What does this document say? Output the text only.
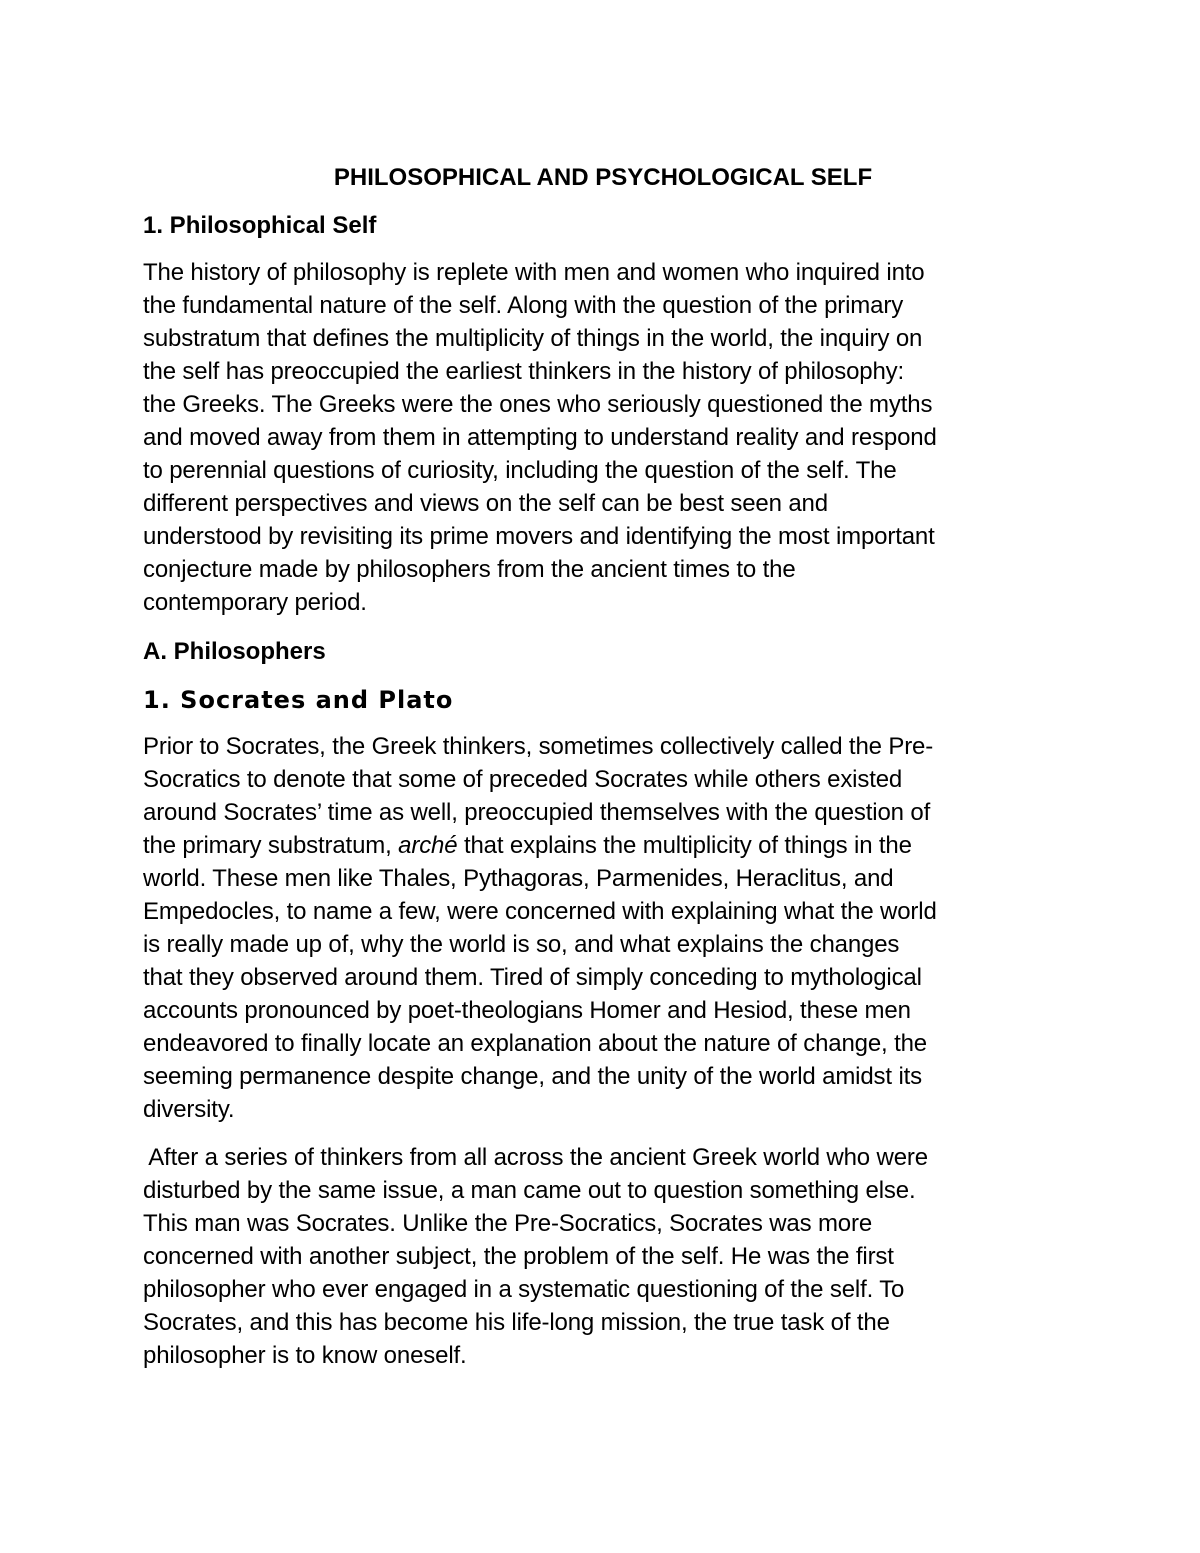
PHILOSOPHICAL AND PSYCHOLOGICAL SELF
1. Philosophical Self

The history of philosophy is replete with men and women who inquired into
the fundamental nature of the self. Along with the question of the primary
substratum that defines the multiplicity of things in the world, the inquiry on
the self has preoccupied the earliest thinkers in the history of philosophy:
the Greeks. The Greeks were the ones who seriously questioned the myths
and moved away from them in attempting to understand reality and respond
to perennial questions of curiosity, including the question of the self. The
different perspectives and views on the self can be best seen and
understood by revisiting its prime movers and identifying the most important
conjecture made by philosophers from the ancient times to the
contemporary period.

A. Philosophers
1. Socrates and Plato

Prior to Socrates, the Greek thinkers, sometimes collectively called the Pre-
Socratics to denote that some of preceded Socrates while others existed
around Socrates’ time as well, preoccupied themselves with the question of
the primary substratum, arché that explains the multiplicity of things in the
world. These men like Thales, Pythagoras, Parmenides, Heraclitus, and
Empedocles, to name a few, were concerned with explaining what the world
is really made up of, why the world is so, and what explains the changes
that they observed around them. Tired of simply conceding to mythological
accounts pronounced by poet-theologians Homer and Hesiod, these men
endeavored to finally locate an explanation about the nature of change, the
seeming permanence despite change, and the unity of the world amidst its
diversity.

After a series of thinkers from all across the ancient Greek world who were
disturbed by the same issue, a man came out to question something else.
This man was Socrates. Unlike the Pre-Socratics, Socrates was more
concerned with another subject, the problem of the self. He was the first
philosopher who ever engaged in a systematic questioning of the self. To
Socrates, and this has become his life-long mission, the true task of the
philosopher is to know oneself.
